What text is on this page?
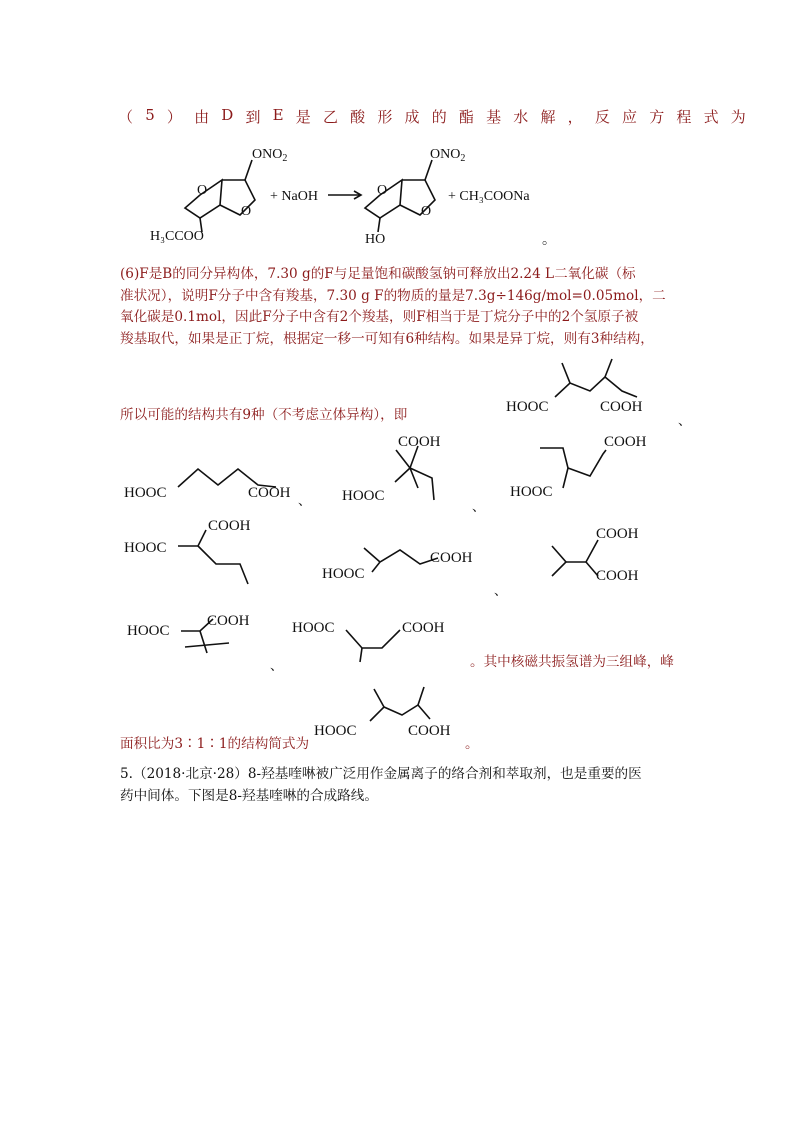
（ 5 ） 由 D 到 E 是 乙 酸 形 成 的 酯 基 水 解 ， 反 应 方 程 式 为
O
O
$ONO_2$
H₃CCOO
+ NaOH	O
O
$ONO_2$
HO
+ CH₃COONa
。
(6)F是B的同分异构体，7.30 g的F与足量饱和碳酸氢钠可释放出2.24 L二氧化碳（标
准状况），说明F分子中含有羧基，7.30 g F的物质的量是7.3g÷146g/mol=0.05mol，二
氧化碳是0.1mol，因此F分子中含有2个羧基，则F相当于是丁烷分子中的2个氢原子被
羧基取代，如果是正丁烷，根据定一移一可知有6种结构。如果是异丁烷，则有3种结构，
所以可能的结构共有9种（不考虑立体异构），即	HOOC	COOH
、
HOOC	COOH
、
COOH
HOOC
、
COOH
HOOC
COOH
HOOC
HOOC
COOH
、
COOH
COOH
HOOC
COOH
、
HOOC	COOH
。其中核磁共振氢谱为三组峰，峰
HOOC	COOH
面积比为3∶1∶1的结构简式为	。
5.（2018·北京·28）8-羟基喹啉被广泛用作金属离子的络合剂和萃取剂，也是重要的医
药中间体。下图是8-羟基喹啉的合成路线。
